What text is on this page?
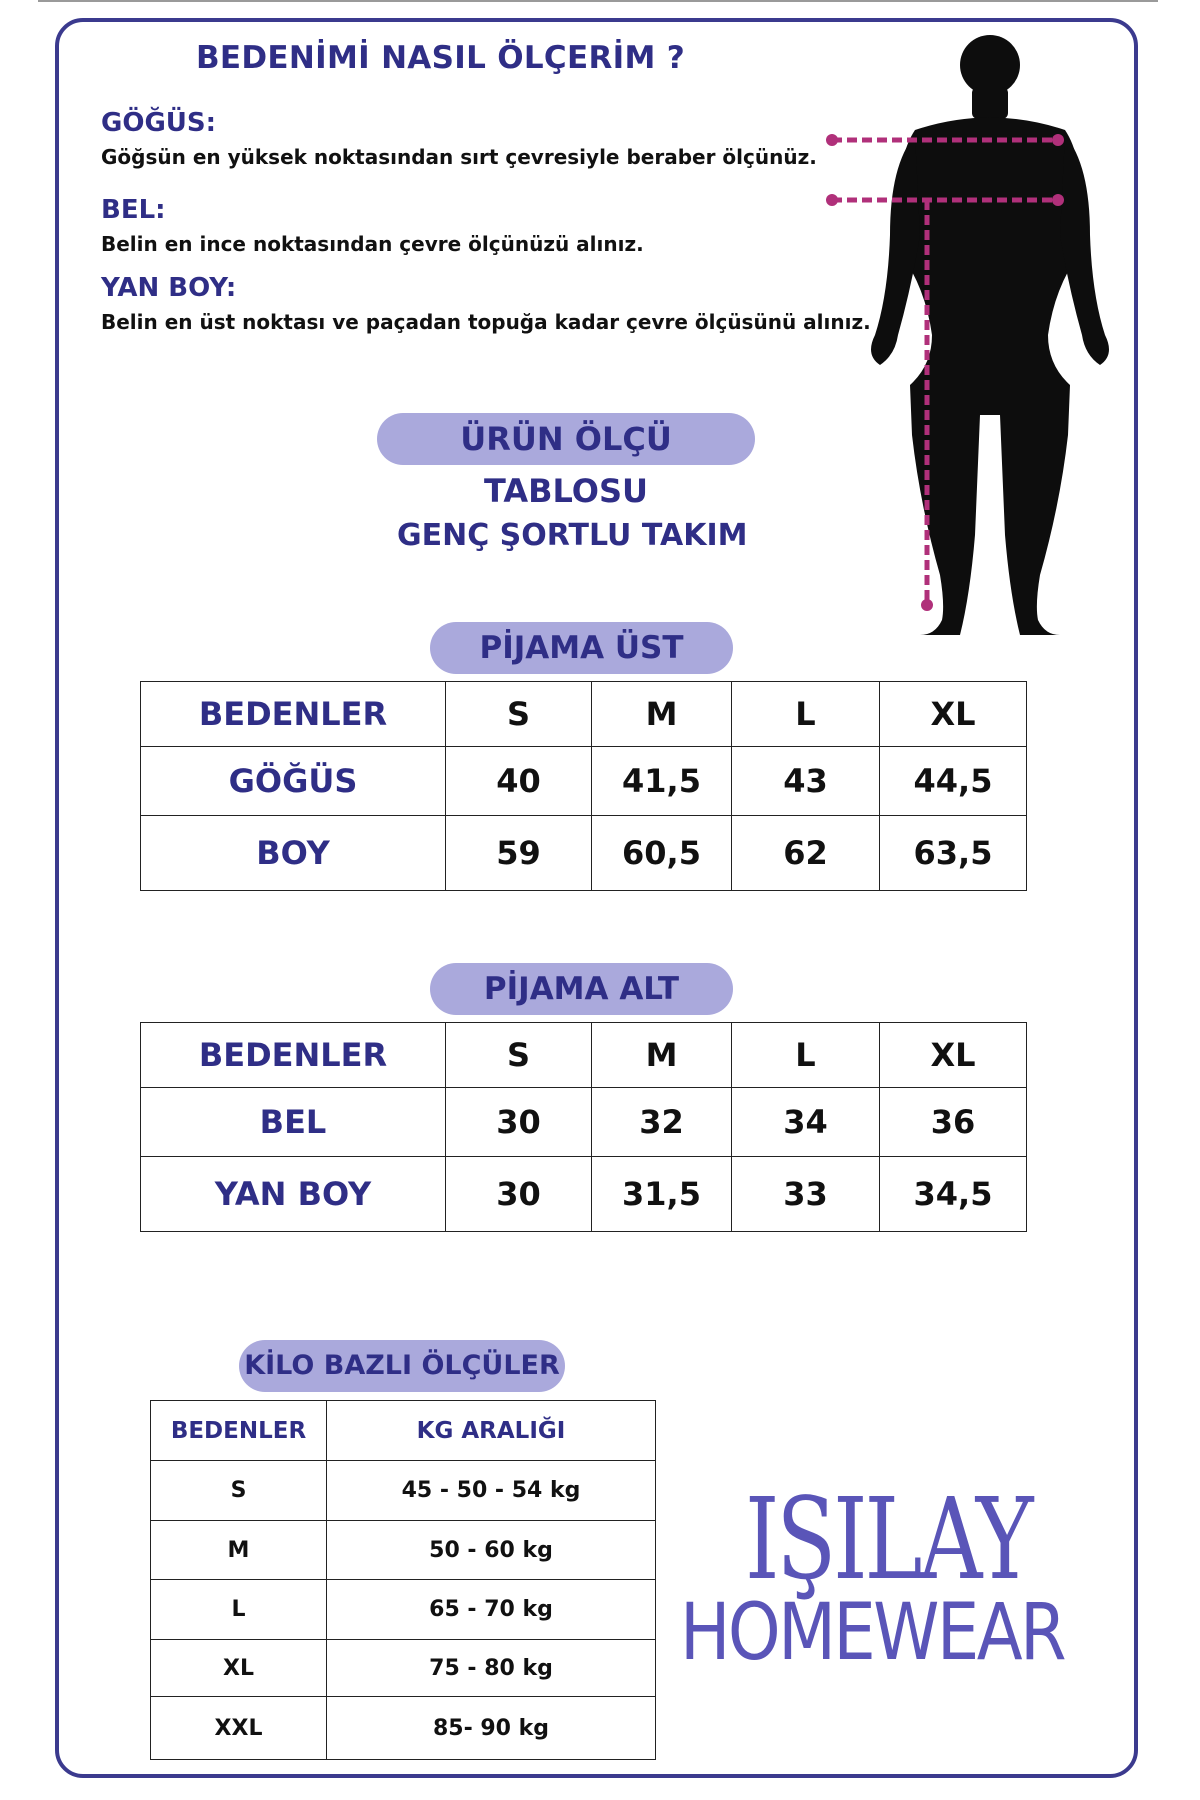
BEDENİMİ NASIL ÖLÇERİM ?
GÖĞÜS:
Göğsün en yüksek noktasından sırt çevresiyle beraber ölçünüz.
BEL:
Belin en ince noktasından çevre ölçünüzü alınız.
YAN BOY:
Belin en üst noktası ve paçadan topuğa kadar çevre ölçüsünü alınız.
ÜRÜN ÖLÇÜ TABLOSU
GENÇ ŞORTLU TAKIM
PİJAMA ÜST
BEDENLER	S	M	L	XL
GÖĞÜS	40	41,5	43	44,5
BOY	59	60,5	62	63,5
PİJAMA ALT
BEDENLER	S	M	L	XL
BEL	30	32	34	36
YAN BOY	30	31,5	33	34,5
KİLO BAZLI ÖLÇÜLER
BEDENLER	KG ARALIĞI
S	45 - 50 - 54 kg
M	50 - 60 kg
L	65 - 70 kg
XL	75 - 80 kg
XXL	85- 90 kg
IŞILAY
HOMEWEAR
